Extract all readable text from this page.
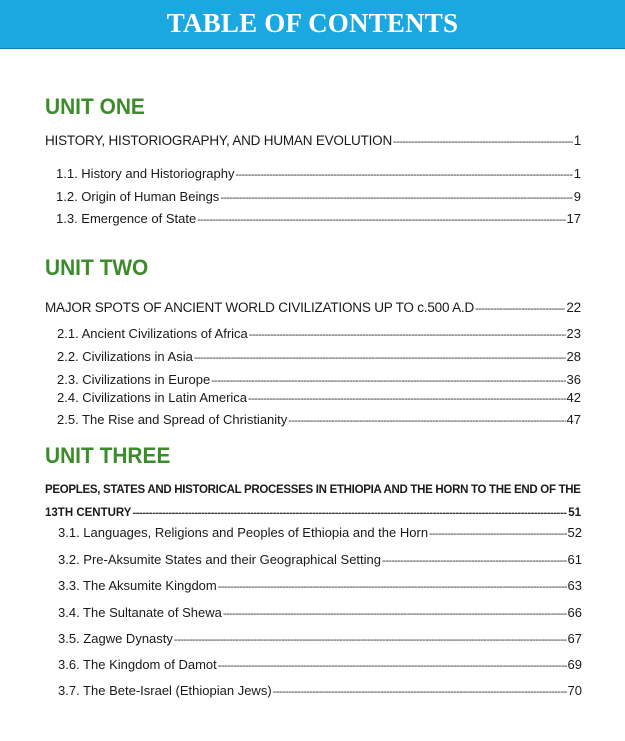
TABLE OF CONTENTS
UNIT ONE
HISTORY, HISTORIOGRAPHY, AND HUMAN EVOLUTION -----	1
1.1. History and Historiography -----	1
1.2. Origin of Human Beings -----	9
1.3. Emergence of State -----	17
UNIT TWO
MAJOR SPOTS OF ANCIENT WORLD CIVILIZATIONS UP TO c.500 A.D -----	22
2.1. Ancient Civilizations of Africa -----	23
2.2. Civilizations in Asia -----	28
2.3. Civilizations in Europe -----	36
2.4. Civilizations in Latin America -----	42
2.5. The Rise and Spread of Christianity -----	47
UNIT THREE
PEOPLES, STATES AND HISTORICAL PROCESSES IN ETHIOPIA AND THE HORN TO THE END OF THE
13TH CENTURY -----	51
3.1. Languages, Religions and Peoples of Ethiopia and the Horn -----	52
3.2. Pre-Aksumite States and their Geographical Setting -----	61
3.3. The Aksumite Kingdom -----	63
3.4. The Sultanate of Shewa -----	66
3.5. Zagwe Dynasty -----	67
3.6. The Kingdom of Damot -----	69
3.7. The Bete-Israel (Ethiopian Jews) -----	70
